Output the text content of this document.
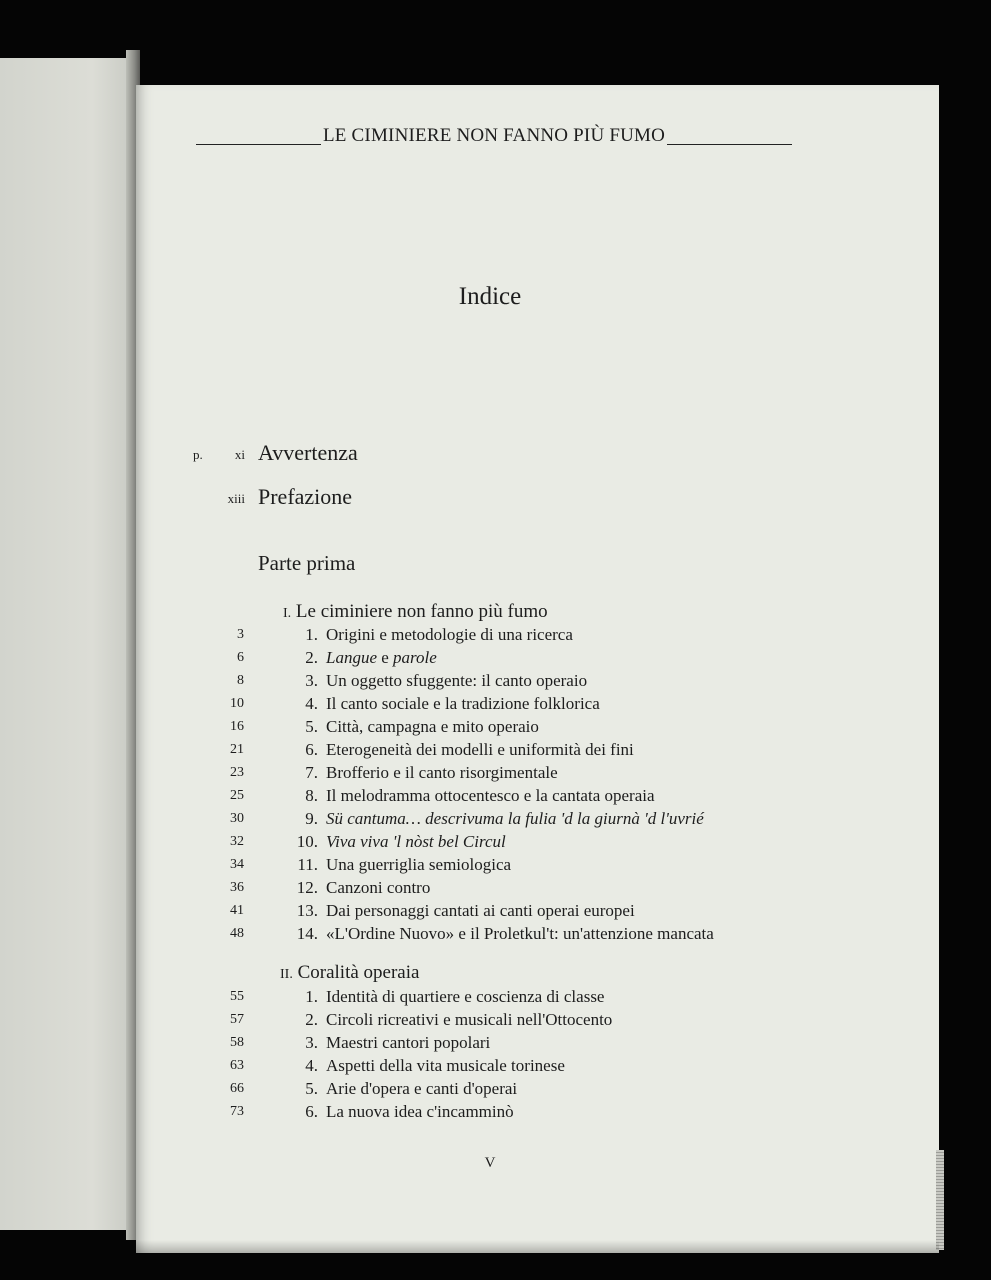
LE CIMINIERE NON FANNO PIÙ FUMO
Indice
p.	xi Avvertenza
xiii Prefazione
Parte prima
I. Le ciminiere non fanno più fumo
3	1. Origini e metodologie di una ricerca
6	2. Langue e parole
8	3. Un oggetto sfuggente: il canto operaio
10	4. Il canto sociale e la tradizione folklorica
16	5. Città, campagna e mito operaio
21	6. Eterogeneità dei modelli e uniformità dei fini
23	7. Brofferio e il canto risorgimentale
25	8. Il melodramma ottocentesco e la cantata operaia
30	9. Sü cantuma… descrivuma la fulia 'd la giurnà 'd l'uvrié
32	10. Viva viva 'l nòst bel Circul
34	11. Una guerriglia semiologica
36	12. Canzoni contro
41	13. Dai personaggi cantati ai canti operai europei
48	14. «L'Ordine Nuovo» e il Proletkul't: un'attenzione mancata
II. Coralità operaia
55	1. Identità di quartiere e coscienza di classe
57	2. Circoli ricreativi e musicali nell'Ottocento
58	3. Maestri cantori popolari
63	4. Aspetti della vita musicale torinese
66	5. Arie d'opera e canti d'operai
73	6. La nuova idea c'incamminò
V
